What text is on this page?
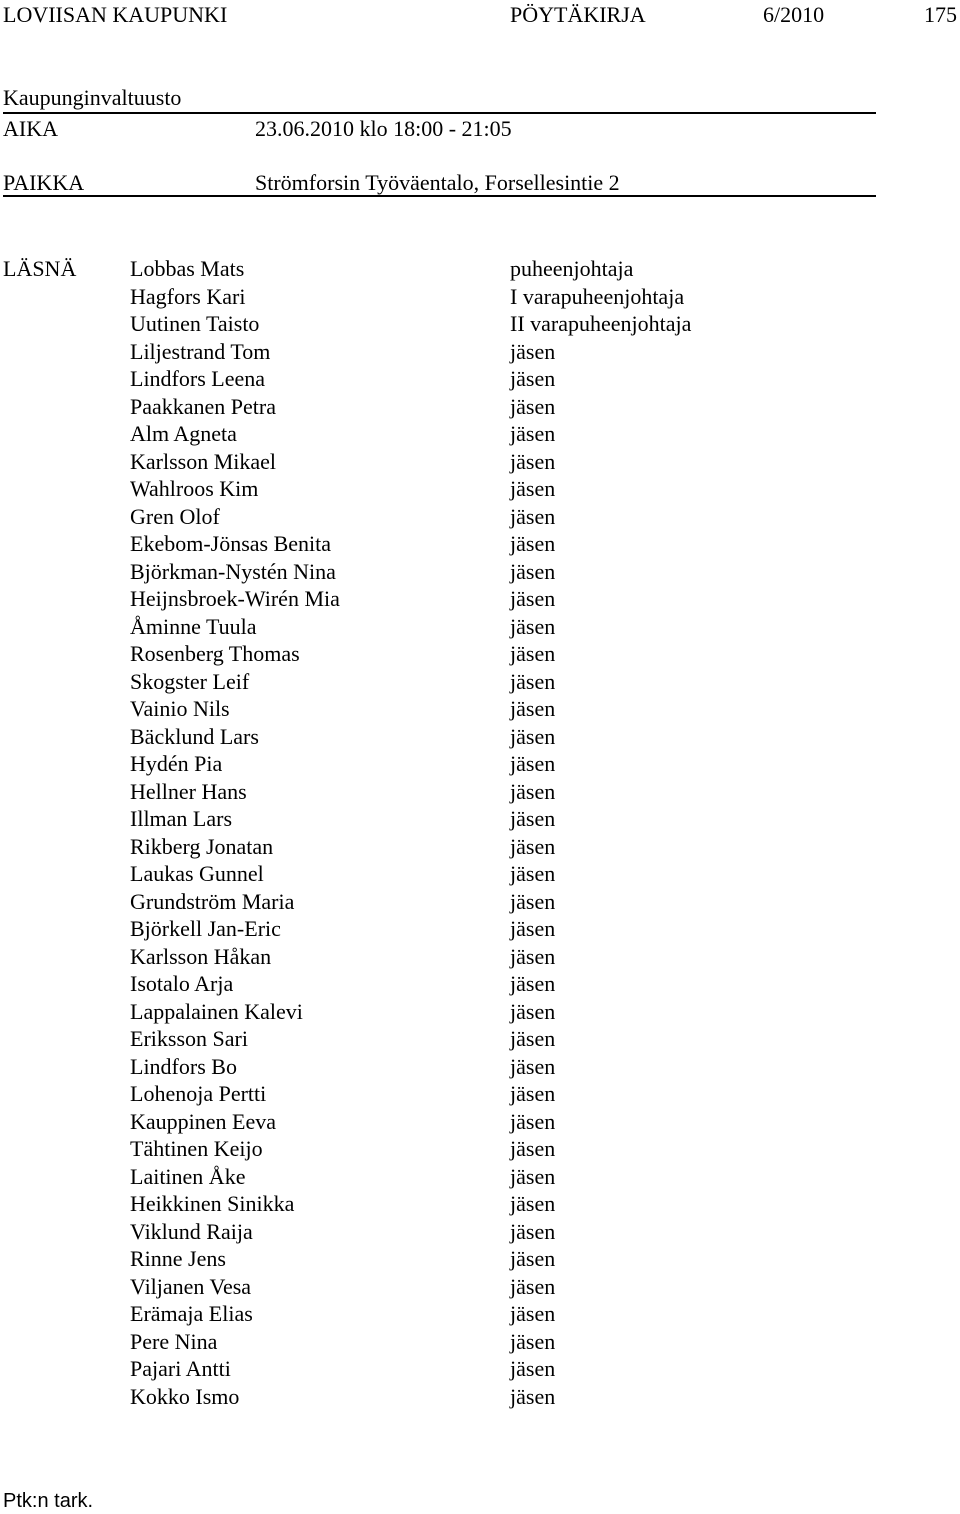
LOVIISAN KAUPUNKI	PÖYTÄKIRJA	6/2010	175
Kaupunginvaltuusto
AIKA	23.06.2010 klo 18:00 - 21:05
PAIKKA	Strömforsin Työväentalo, Forsellesintie 2
LÄSNÄ Lobbas Mats	puheenjohtaja
Hagfors Kari	I varapuheenjohtaja
Uutinen Taisto	II varapuheenjohtaja
Liljestrand Tom	jäsen
Lindfors Leena	jäsen
Paakkanen Petra	jäsen
Alm Agneta	jäsen
Karlsson Mikael	jäsen
Wahlroos Kim	jäsen
Gren Olof	jäsen
Ekebom-Jönsas Benita	jäsen
Björkman-Nystén Nina	jäsen
Heijnsbroek-Wirén Mia	jäsen
Åminne Tuula	jäsen
Rosenberg Thomas	jäsen
Skogster Leif	jäsen
Vainio Nils	jäsen
Bäcklund Lars	jäsen
Hydén Pia	jäsen
Hellner Hans	jäsen
Illman Lars	jäsen
Rikberg Jonatan	jäsen
Laukas Gunnel	jäsen
Grundström Maria	jäsen
Björkell Jan-Eric	jäsen
Karlsson Håkan	jäsen
Isotalo Arja	jäsen
Lappalainen Kalevi	jäsen
Eriksson Sari	jäsen
Lindfors Bo	jäsen
Lohenoja Pertti	jäsen
Kauppinen Eeva	jäsen
Tähtinen Keijo	jäsen
Laitinen Åke	jäsen
Heikkinen Sinikka	jäsen
Viklund Raija	jäsen
Rinne Jens	jäsen
Viljanen Vesa	jäsen
Erämaja Elias	jäsen
Pere Nina	jäsen
Pajari Antti	jäsen
Kokko Ismo	jäsen
Ptk:n tark.
